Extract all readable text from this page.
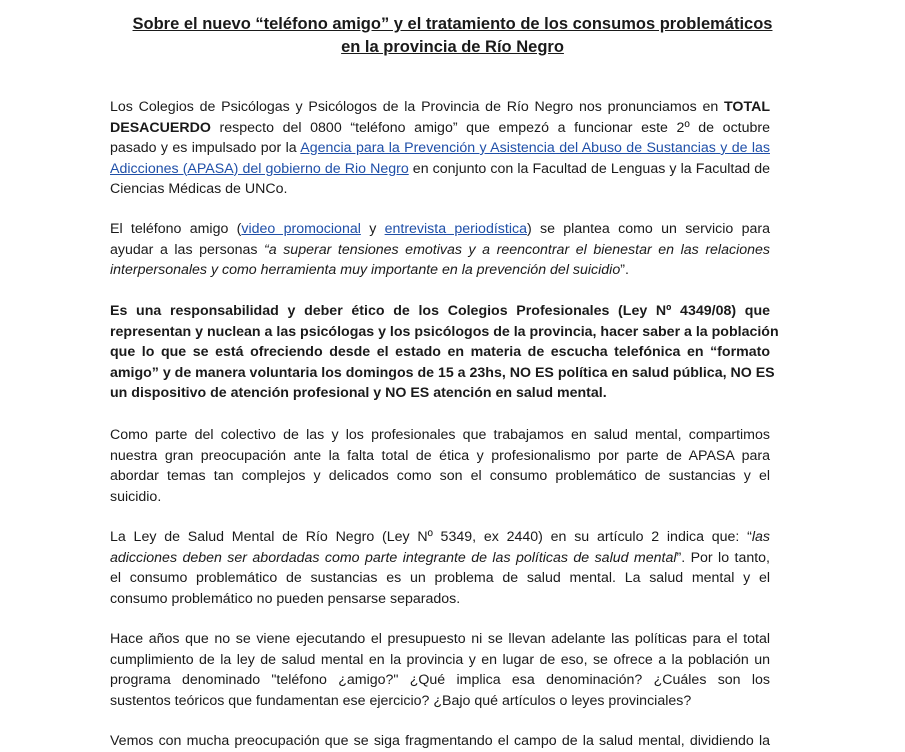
Sobre el nuevo “teléfono amigo” y el tratamiento de los consumos problemáticos
en la provincia de Río Negro
Los Colegios de Psicólogas y Psicólogos de la Provincia de Río Negro nos pronunciamos en TOTAL
DESACUERDO respecto del 0800 “teléfono amigo” que empezó a funcionar este 2º de octubre
pasado y es impulsado por la Agencia para la Prevención y Asistencia del Abuso de Sustancias y de las
Adicciones (APASA) del gobierno de Rio Negro en conjunto con la Facultad de Lenguas y la Facultad de
Ciencias Médicas de UNCo.
El teléfono amigo (video promocional y entrevista periodística) se plantea como un servicio para
ayudar a las personas “a superar tensiones emotivas y a reencontrar el bienestar en las relaciones
interpersonales y como herramienta muy importante en la prevención del suicidio”.
Es una responsabilidad y deber ético de los Colegios Profesionales (Ley Nº 4349/08) que
representan y nuclean a las psicólogas y los psicólogos de la provincia, hacer saber a la población
que lo que se está ofreciendo desde el estado en materia de escucha telefónica en “formato
amigo” y de manera voluntaria los domingos de 15 a 23hs, NO ES política en salud pública, NO ES
un dispositivo de atención profesional y NO ES atención en salud mental.
Como parte del colectivo de las y los profesionales que trabajamos en salud mental, compartimos
nuestra gran preocupación ante la falta total de ética y profesionalismo por parte de APASA para
abordar temas tan complejos y delicados como son el consumo problemático de sustancias y el
suicidio.
La Ley de Salud Mental de Río Negro (Ley Nº 5349, ex 2440) en su artículo 2 indica que: “las
adicciones deben ser abordadas como parte integrante de las políticas de salud mental”. Por lo tanto,
el consumo problemático de sustancias es un problema de salud mental. La salud mental y el
consumo problemático no pueden pensarse separados.
Hace años que no se viene ejecutando el presupuesto ni se llevan adelante las políticas para el total
cumplimiento de la ley de salud mental en la provincia y en lugar de eso, se ofrece a la población un
programa denominado "teléfono ¿amigo?" ¿Qué implica esa denominación? ¿Cuáles son los
sustentos teóricos que fundamentan ese ejercicio? ¿Bajo qué artículos o leyes provinciales?
Vemos con mucha preocupación que se siga fragmentando el campo de la salud mental, dividiendo la
